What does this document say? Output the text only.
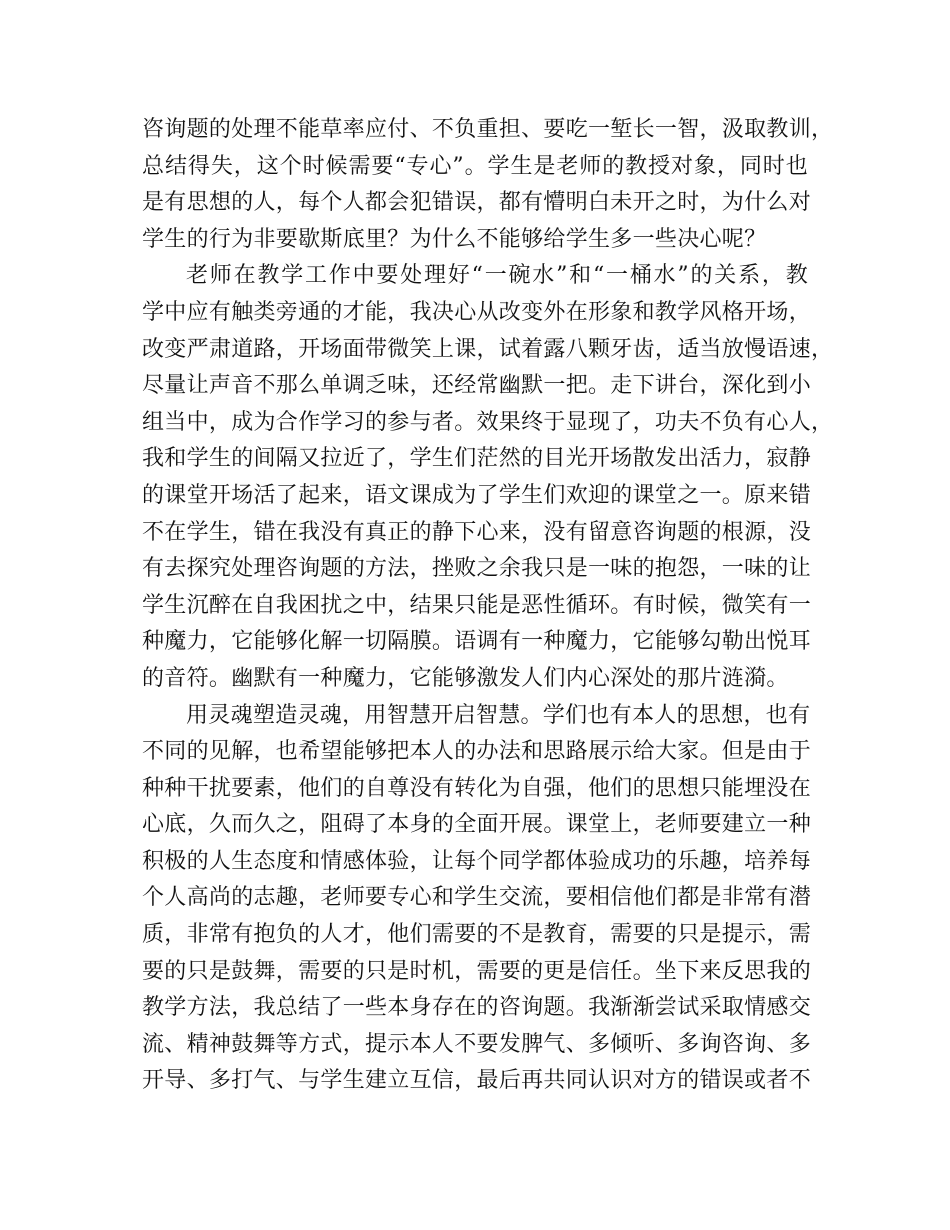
咨询题的处理不能草率应付、不负重担、要吃一堑长一智，汲取教训，
总结得失，这个时候需要“专心”。学生是老师的教授对象，同时也
是有思想的人，每个人都会犯错误，都有懵明白未开之时，为什么对
学生的行为非要歇斯底里？为什么不能够给学生多一些决心呢？
老师在教学工作中要处理好“一碗水”和“一桶水”的关系，教
学中应有触类旁通的才能，我决心从改变外在形象和教学风格开场，
改变严肃道路，开场面带微笑上课，试着露八颗牙齿，适当放慢语速，
尽量让声音不那么单调乏味，还经常幽默一把。走下讲台，深化到小
组当中，成为合作学习的参与者。效果终于显现了，功夫不负有心人，
我和学生的间隔又拉近了，学生们茫然的目光开场散发出活力，寂静
的课堂开场活了起来，语文课成为了学生们欢迎的课堂之一。原来错
不在学生，错在我没有真正的静下心来，没有留意咨询题的根源，没
有去探究处理咨询题的方法，挫败之余我只是一味的抱怨，一味的让
学生沉醉在自我困扰之中，结果只能是恶性循环。有时候，微笑有一
种魔力，它能够化解一切隔膜。语调有一种魔力，它能够勾勒出悦耳
的音符。幽默有一种魔力，它能够激发人们内心深处的那片涟漪。
用灵魂塑造灵魂，用智慧开启智慧。学们也有本人的思想，也有
不同的见解，也希望能够把本人的办法和思路展示给大家。但是由于
种种干扰要素，他们的自尊没有转化为自强，他们的思想只能埋没在
心底，久而久之，阻碍了本身的全面开展。课堂上，老师要建立一种
积极的人生态度和情感体验，让每个同学都体验成功的乐趣，培养每
个人高尚的志趣，老师要专心和学生交流，要相信他们都是非常有潜
质，非常有抱负的人才，他们需要的不是教育，需要的只是提示，需
要的只是鼓舞，需要的只是时机，需要的更是信任。坐下来反思我的
教学方法，我总结了一些本身存在的咨询题。我渐渐尝试采取情感交
流、精神鼓舞等方式，提示本人不要发脾气、多倾听、多询咨询、多
开导、多打气、与学生建立互信，最后再共同认识对方的错误或者不
